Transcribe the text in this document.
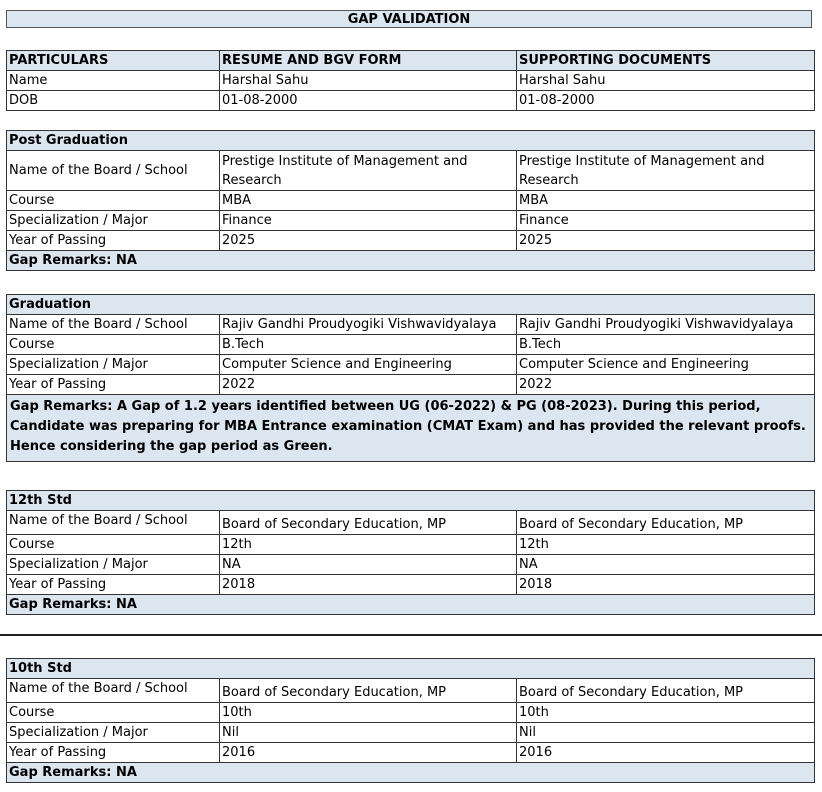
GAP VALIDATION
PARTICULARS	RESUME AND BGV FORM	SUPPORTING DOCUMENTS
Name	Harshal Sahu	Harshal Sahu
DOB	01-08-2000	01-08-2000
Post Graduation		
Name of the Board / School	Prestige Institute of Management and Research	Prestige Institute of Management and Research
Course	MBA	MBA
Specialization / Major	Finance	Finance
Year of Passing	2025	2025
Gap Remarks: NA		
Graduation		
Name of the Board / School	Rajiv Gandhi Proudyogiki Vishwavidyalaya	Rajiv Gandhi Proudyogiki Vishwavidyalaya
Course	B.Tech	B.Tech
Specialization / Major	Computer Science and Engineering	Computer Science and Engineering
Year of Passing	2022	2022
Gap Remarks: A Gap of 1.2 years identified between UG (06-2022) & PG (08-2023). During this period, Candidate was preparing for MBA Entrance examination (CMAT Exam) and has provided the relevant proofs. Hence considering the gap period as Green.		
12th Std		
Name of the Board / School	Board of Secondary Education, MP	Board of Secondary Education, MP
Course	12th	12th
Specialization / Major	NA	NA
Year of Passing	2018	2018
Gap Remarks: NA		
10th Std		
Name of the Board / School	Board of Secondary Education, MP	Board of Secondary Education, MP
Course	10th	10th
Specialization / Major	Nil	Nil
Year of Passing	2016	2016
Gap Remarks: NA		
